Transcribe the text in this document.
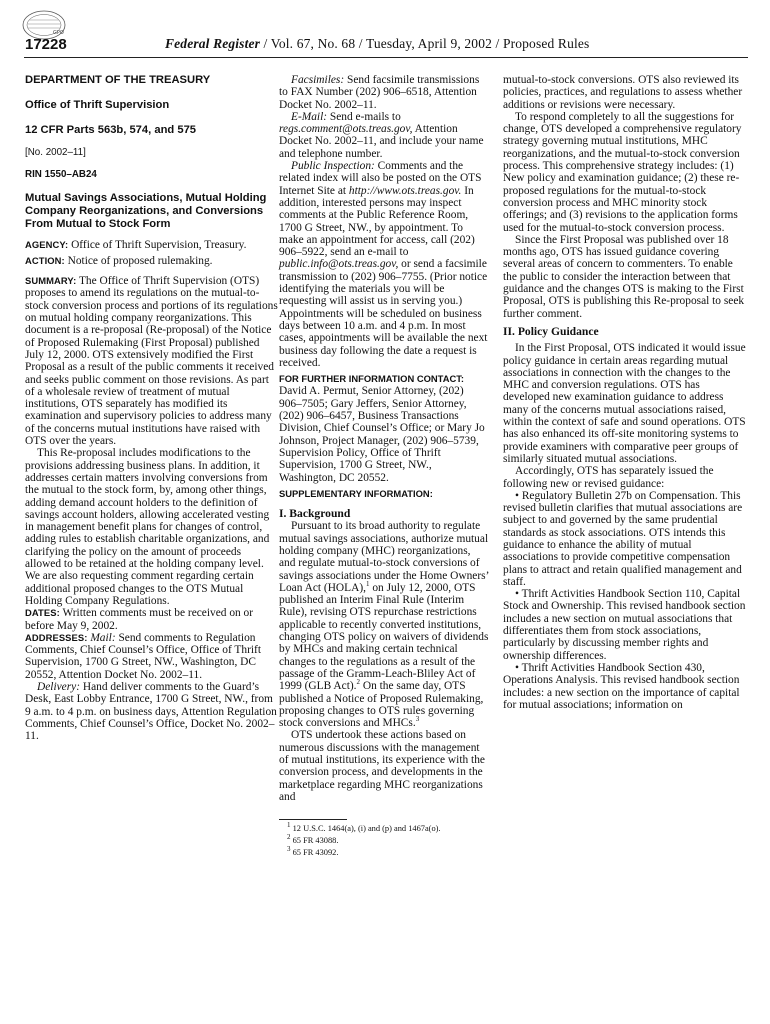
GPO
17228	Federal Register / Vol. 67, No. 68 / Tuesday, April 9, 2002 / Proposed Rules

DEPARTMENT OF THE TREASURY

Office of Thrift Supervision

12 CFR Parts 563b, 574, and 575

[No. 2002–11]

RIN 1550–AB24

Mutual Savings Associations, Mutual Holding Company Reorganizations, and Conversions From Mutual to Stock Form

AGENCY: Office of Thrift Supervision, Treasury.

ACTION: Notice of proposed rulemaking.

SUMMARY: The Office of Thrift Supervision (OTS) proposes to amend its regulations on the mutual-to-stock conversion process and portions of its regulations on mutual holding company reorganizations. This document is a re-proposal (Re-proposal) of the Notice of Proposed Rulemaking (First Proposal) published July 12, 2000. OTS extensively modified the First Proposal as a result of the public comments it received and seeks public comment on those revisions. As part of a wholesale review of treatment of mutual institutions, OTS separately has modified its examination and supervisory policies to address many of the concerns mutual institutions have raised with OTS over the years.

This Re-proposal includes modifications to the provisions addressing business plans. In addition, it addresses certain matters involving conversions from the mutual to the stock form, by, among other things, adding demand account holders to the definition of savings account holders, allowing accelerated vesting in management benefit plans for changes of control, adding rules to establish charitable organizations, and clarifying the policy on the amount of proceeds allowed to be retained at the holding company level. We are also requesting comment regarding certain additional proposed changes to the OTS Mutual Holding Company Regulations.

DATES: Written comments must be received on or before May 9, 2002.

ADDRESSES: Mail: Send comments to Regulation Comments, Chief Counsel’s Office, Office of Thrift Supervision, 1700 G Street, NW., Washington, DC 20552, Attention Docket No. 2002–11.

Delivery: Hand deliver comments to the Guard’s Desk, East Lobby Entrance, 1700 G Street, NW., from 9 a.m. to 4 p.m. on business days, Attention Regulation Comments, Chief Counsel’s Office, Docket No. 2002–11.

Facsimiles: Send facsimile transmissions to FAX Number (202) 906–6518, Attention Docket No. 2002–11.

E-Mail: Send e-mails to regs.comment@ots.treas.gov, Attention Docket No. 2002–11, and include your name and telephone number.

Public Inspection: Comments and the related index will also be posted on the OTS Internet Site at http://www.ots.treas.gov. In addition, interested persons may inspect comments at the Public Reference Room, 1700 G Street, NW., by appointment. To make an appointment for access, call (202) 906–5922, send an e-mail to public.info@ots.treas.gov, or send a facsimile transmission to (202) 906–7755. (Prior notice identifying the materials you will be requesting will assist us in serving you.) Appointments will be scheduled on business days between 10 a.m. and 4 p.m. In most cases, appointments will be available the next business day following the date a request is received.

FOR FURTHER INFORMATION CONTACT:

David A. Permut, Senior Attorney, (202) 906–7505; Gary Jeffers, Senior Attorney, (202) 906–6457, Business Transactions Division, Chief Counsel’s Office; or Mary Jo Johnson, Project Manager, (202) 906–5739, Supervision Policy, Office of Thrift Supervision, 1700 G Street, NW., Washington, DC 20552.

SUPPLEMENTARY INFORMATION:

I. Background

Pursuant to its broad authority to regulate mutual savings associations, authorize mutual holding company (MHC) reorganizations, and regulate mutual-to-stock conversions of savings associations under the Home Owners’ Loan Act (HOLA),$^1$ on July 12, 2000, OTS published an Interim Final Rule (Interim Rule), revising OTS repurchase restrictions applicable to recently converted institutions, changing OTS policy on waivers of dividends by MHCs and making certain technical changes to the regulations as a result of the passage of the Gramm-Leach-Bliley Act of 1999 (GLB Act).$^2$ On the same day, OTS published a Notice of Proposed Rulemaking, proposing changes to OTS rules governing stock conversions and MHCs.$^3$

OTS undertook these actions based on numerous discussions with the management of mutual institutions, its experience with the conversion process, and developments in the marketplace regarding MHC reorganizations and

$^1$ 12 U.S.C. 1464(a), (i) and (p) and 1467a(o).

$^2$ 65 FR 43088.

$^3$ 65 FR 43092.

mutual-to-stock conversions. OTS also reviewed its policies, practices, and regulations to assess whether additions or revisions were necessary.

To respond completely to all the suggestions for change, OTS developed a comprehensive regulatory strategy governing mutual institutions, MHC reorganizations, and the mutual-to-stock conversion process. This comprehensive strategy includes: (1) New policy and examination guidance; (2) these re-proposed regulations for the mutual-to-stock conversion process and MHC minority stock offerings; and (3) revisions to the application forms used for the mutual-to-stock conversion process.

Since the First Proposal was published over 18 months ago, OTS has issued guidance covering several areas of concern to commenters. To enable the public to consider the interaction between that guidance and the changes OTS is making to the First Proposal, OTS is publishing this Re-proposal to seek further comment.

II. Policy Guidance

In the First Proposal, OTS indicated it would issue policy guidance in certain areas regarding mutual associations in connection with the changes to the MHC and conversion regulations. OTS has developed new examination guidance to address many of the concerns mutual associations raised, within the context of safe and sound operations. OTS has also enhanced its off-site monitoring systems to provide examiners with comparative peer groups of similarly situated mutual associations.

Accordingly, OTS has separately issued the following new or revised guidance:

• Regulatory Bulletin 27b on Compensation. This revised bulletin clarifies that mutual associations are subject to and governed by the same prudential standards as stock associations. OTS intends this guidance to enhance the ability of mutual associations to provide competitive compensation plans to attract and retain qualified management and staff.

• Thrift Activities Handbook Section 110, Capital Stock and Ownership. This revised handbook section includes a new section on mutual associations that differentiates them from stock associations, particularly by discussing member rights and ownership differences.

• Thrift Activities Handbook Section 430, Operations Analysis. This revised handbook section includes: a new section on the importance of capital for mutual associations; information on
